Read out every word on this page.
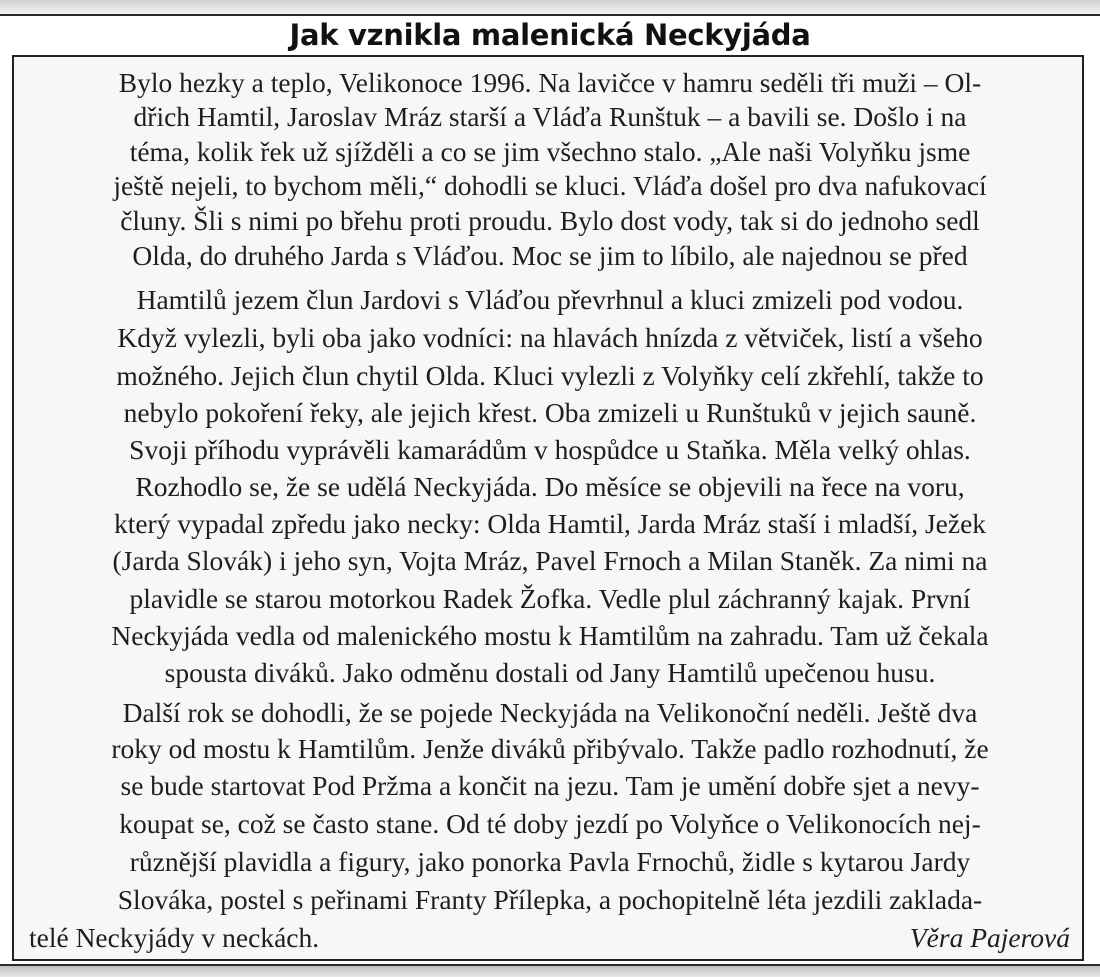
Jak vznikla malenická Neckyjáda
Bylo hezky a teplo, Velikonoce 1996. Na lavičce v hamru seděli tři muži – Ol-
dřich Hamtil, Jaroslav Mráz starší a Vláďa Runštuk – a bavili se. Došlo i na
téma, kolik řek už sjížděli a co se jim všechno stalo. „Ale naši Volyňku jsme
ještě nejeli, to bychom měli,“ dohodli se kluci. Vláďa došel pro dva nafukovací
čluny. Šli s nimi po břehu proti proudu. Bylo dost vody, tak si do jednoho sedl
Olda, do druhého Jarda s Vláďou. Moc se jim to líbilo, ale najednou se před
Hamtilů jezem člun Jardovi s Vláďou převrhnul a kluci zmizeli pod vodou.
Když vylezli, byli oba jako vodníci: na hlavách hnízda z větviček, listí a všeho
možného. Jejich člun chytil Olda. Kluci vylezli z Volyňky celí zkřehlí, takže to
nebylo pokoření řeky, ale jejich křest. Oba zmizeli u Runštuků v jejich sauně.
Svoji příhodu vyprávěli kamarádům v hospůdce u Staňka. Měla velký ohlas.
Rozhodlo se, že se udělá Neckyjáda. Do měsíce se objevili na řece na voru,
který vypadal zpředu jako necky: Olda Hamtil, Jarda Mráz staší i mladší, Ježek
(Jarda Slovák) i jeho syn, Vojta Mráz, Pavel Frnoch a Milan Staněk. Za nimi na
plavidle se starou motorkou Radek Žofka. Vedle plul záchranný kajak. První
Neckyjáda vedla od malenického mostu k Hamtilům na zahradu. Tam už čekala
spousta diváků. Jako odměnu dostali od Jany Hamtilů upečenou husu.
Další rok se dohodli, že se pojede Neckyjáda na Velikonoční neděli. Ještě dva
roky od mostu k Hamtilům. Jenže diváků přibývalo. Takže padlo rozhodnutí, že
se bude startovat Pod Pržma a končit na jezu. Tam je umění dobře sjet a nevy-
koupat se, což se často stane. Od té doby jezdí po Volyňce o Velikonocích nej-
různější plavidla a figury, jako ponorka Pavla Frnochů, židle s kytarou Jardy
Slováka, postel s peřinami Franty Přílepka, a pochopitelně léta jezdili zaklada-
telé Neckyjády v neckách.	Věra Pajerová
